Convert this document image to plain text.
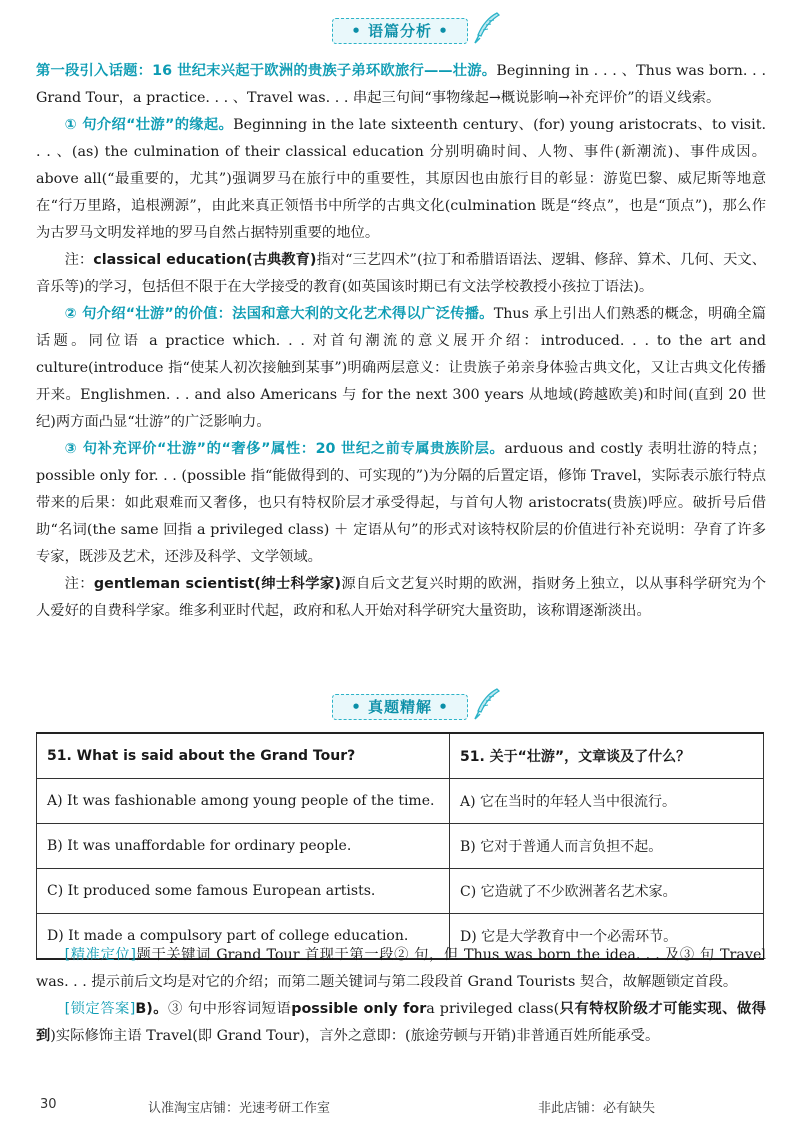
• 语篇分析 •

第一段引入话题：16 世纪末兴起于欧洲的贵族子弟环欧旅行——壮游。Beginning in . . . 、Thus was born. . . Grand Tour，a practice. . . 、Travel was. . . 串起三句间“事物缘起→概说影响→补充评价”的语义线索。

① 句介绍“壮游”的缘起。Beginning in the late sixteenth century、(for) young aristocrats、to visit. . . 、(as) the culmination of their classical education 分别明确时间、人物、事件(新潮流)、事件成因。above all(“最重要的，尤其”)强调罗马在旅行中的重要性，其原因也由旅行目的彰显：游览巴黎、威尼斯等地意在“行万里路，追根溯源”，由此来真正领悟书中所学的古典文化(culmination 既是“终点”，也是“顶点”)，那么作为古罗马文明发祥地的罗马自然占据特别重要的地位。

注：classical education(古典教育)指对“三艺四术”(拉丁和希腊语语法、逻辑、修辞、算术、几何、天文、音乐等)的学习，包括但不限于在大学接受的教育(如英国该时期已有文法学校教授小孩拉丁语法)。

② 句介绍“壮游”的价值：法国和意大利的文化艺术得以广泛传播。Thus 承上引出人们熟悉的概念，明确全篇话题。同位语 a practice which. . . 对首句潮流的意义展开介绍：introduced. . . to the art and culture(introduce 指“使某人初次接触到某事”)明确两层意义：让贵族子弟亲身体验古典文化，又让古典文化传播开来。Englishmen. . . and also Americans 与 for the next 300 years 从地域(跨越欧美)和时间(直到 20 世纪)两方面凸显“壮游”的广泛影响力。

③ 句补充评价“壮游”的“奢侈”属性：20 世纪之前专属贵族阶层。arduous and costly 表明壮游的特点；possible only for. . . (possible 指“能做得到的、可实现的”)为分隔的后置定语，修饰 Travel，实际表示旅行特点带来的后果：如此艰难而又奢侈，也只有特权阶层才承受得起，与首句人物 aristocrats(贵族)呼应。破折号后借助“名词(the same 回指 a privileged class) ＋ 定语从句”的形式对该特权阶层的价值进行补充说明：孕育了许多专家，既涉及艺术，还涉及科学、文学领域。

注：gentleman scientist(绅士科学家)源自后文艺复兴时期的欧洲，指财务上独立，以从事科学研究为个人爱好的自费科学家。维多利亚时代起，政府和私人开始对科学研究大量资助，该称谓逐渐淡出。

• 真题精解 •
51. What is said about the Grand Tour?	51. 关于“壮游”，文章谈及了什么？
A) It was fashionable among young people of the time.	A) 它在当时的年轻人当中很流行。
B) It was unaffordable for ordinary people.	B) 它对于普通人而言负担不起。
C) It produced some famous European artists.	C) 它造就了不少欧洲著名艺术家。
D) It made a compulsory part of college education.	D) 它是大学教育中一个必需环节。

[精准定位]题干关键词 Grand Tour 首现于第一段② 句，但 Thus was born the idea. . . 及③ 句 Travel was. . . 提示前后文均是对它的介绍；而第二题关键词与第二段段首 Grand Tourists 契合，故解题锁定首段。

[锁定答案]B)。③ 句中形容词短语possible only fora privileged class(只有特权阶级才可能实现、做得到)实际修饰主语 Travel(即 Grand Tour)，言外之意即：(旅途劳顿与开销)非普通百姓所能承受。

30	认准淘宝店铺：光速考研工作室	非此店铺：必有缺失
